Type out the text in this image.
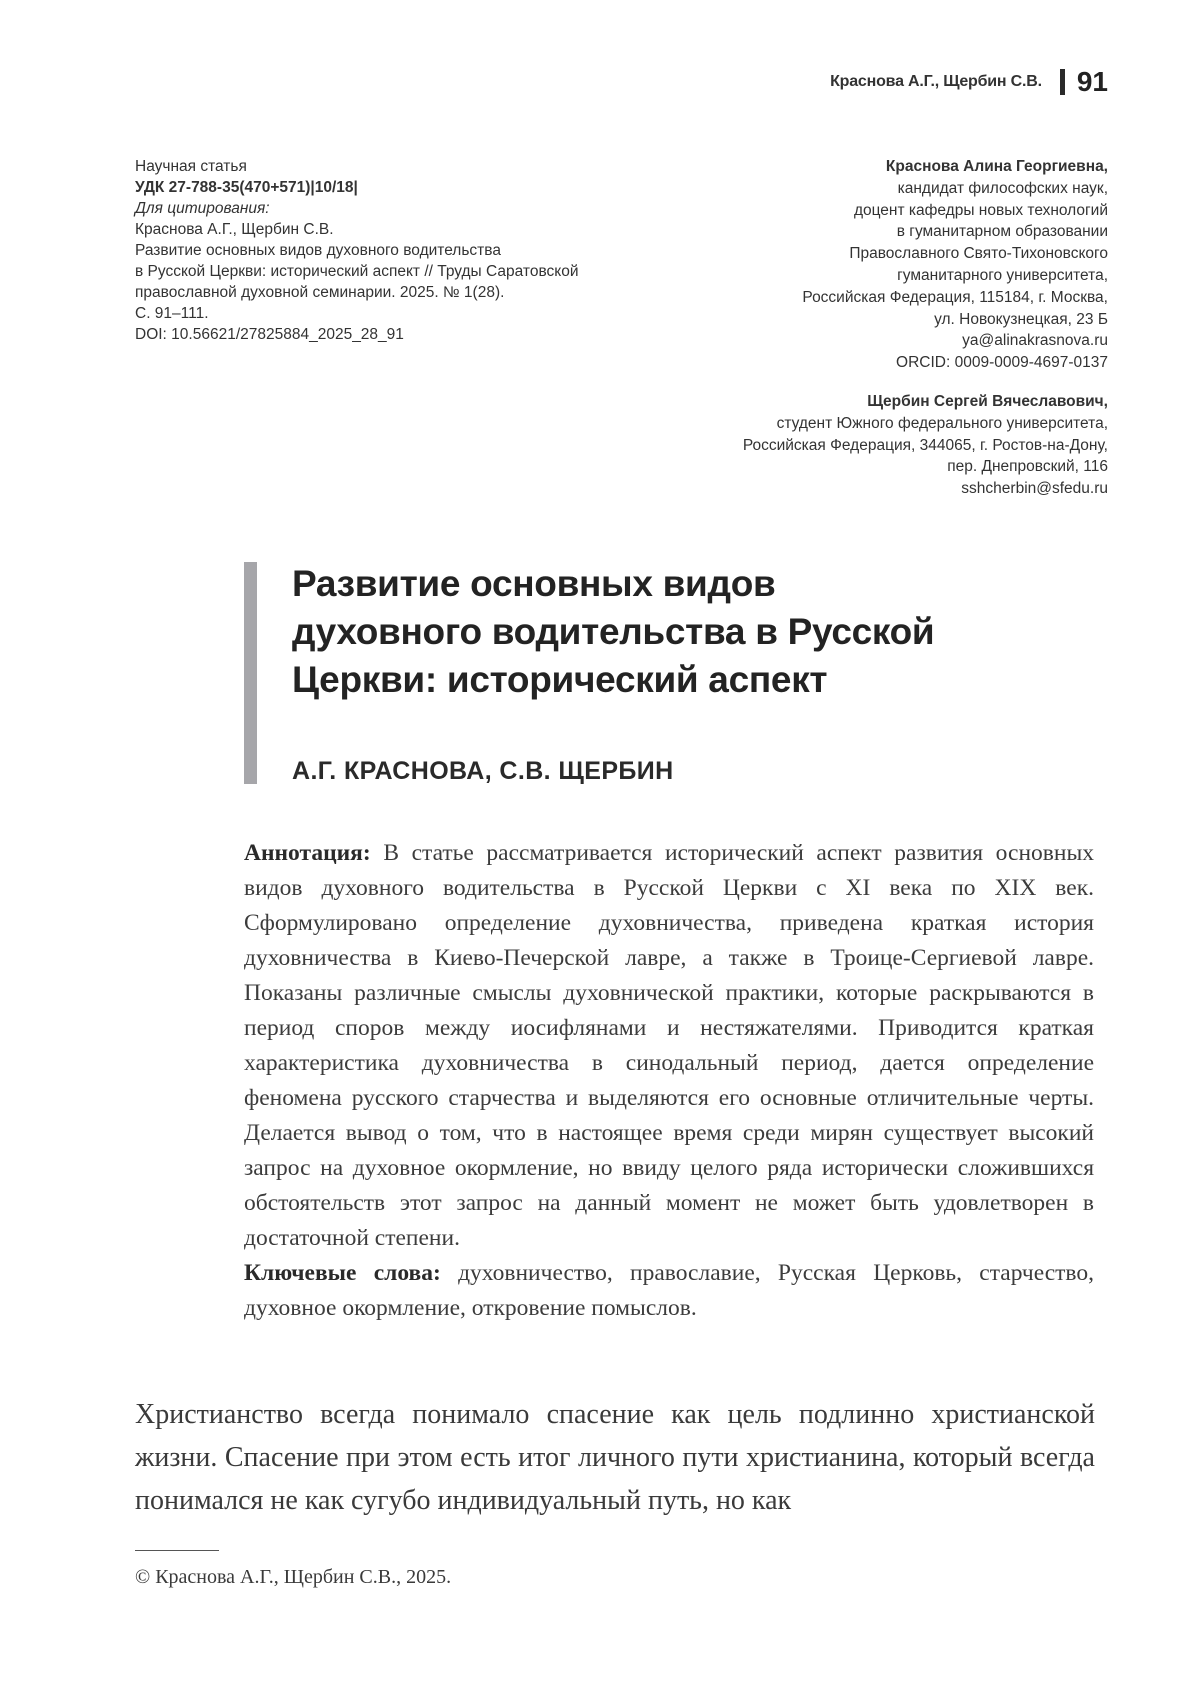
Краснова А.Г., Щербин С.В. 91
Научная статья
УДК 27-788-35(470+571)|10/18|
Для цитирования:
Краснова А.Г., Щербин С.В.
Развитие основных видов духовного водительства
в Русской Церкви: исторический аспект // Труды Саратовской
православной духовной семинарии. 2025. № 1(28).
С. 91–111.
DOI: 10.56621/27825884_2025_28_91
Краснова Алина Георгиевна,
кандидат философских наук,
доцент кафедры новых технологий
в гуманитарном образовании
Православного Свято-Тихоновского
гуманитарного университета,
Российская Федерация, 115184, г. Москва,
ул. Новокузнецкая, 23 Б
ya@alinakrasnova.ru
ORCID: 0009-0009-4697-0137
Щербин Сергей Вячеславович,
студент Южного федерального университета,
Российская Федерация, 344065, г. Ростов-на-Дону,
пер. Днепровский, 116
sshcherbin@sfedu.ru
Развитие основных видов
духовного водительства в Русской
Церкви: исторический аспект
А.Г. КРАСНОВА, С.В. ЩЕРБИН

Аннотация: В статье рассматривается исторический аспект развития основных видов духовного водительства в Русской Церкви с XI века по XIX век. Сформулировано определение духовничества, приведена краткая история духовничества в Киево-Печерской лавре, а также в Троице-Сергиевой лавре. Показаны различные смыслы духовнической практики, которые раскрываются в период споров между иосифлянами и нестяжателями. Приводится краткая характеристика духовничества в синодальный период, дается определение феномена русского старчества и выделяются его основные отличительные черты. Делается вывод о том, что в настоящее время среди мирян существует высокий запрос на духовное окормление, но ввиду целого ряда исторически сложившихся обстоятельств этот запрос на данный момент не может быть удовлетворен в достаточной степени.

Ключевые слова: духовничество, православие, Русская Церковь, старчество, духовное окормление, откровение помыслов.

Христианство всегда понимало спасение как цель подлинно христианской жизни. Спасение при этом есть итог личного пути христианина, который всегда понимался не как сугубо индивидуальный путь, но как

© Краснова А.Г., Щербин С.В., 2025.
